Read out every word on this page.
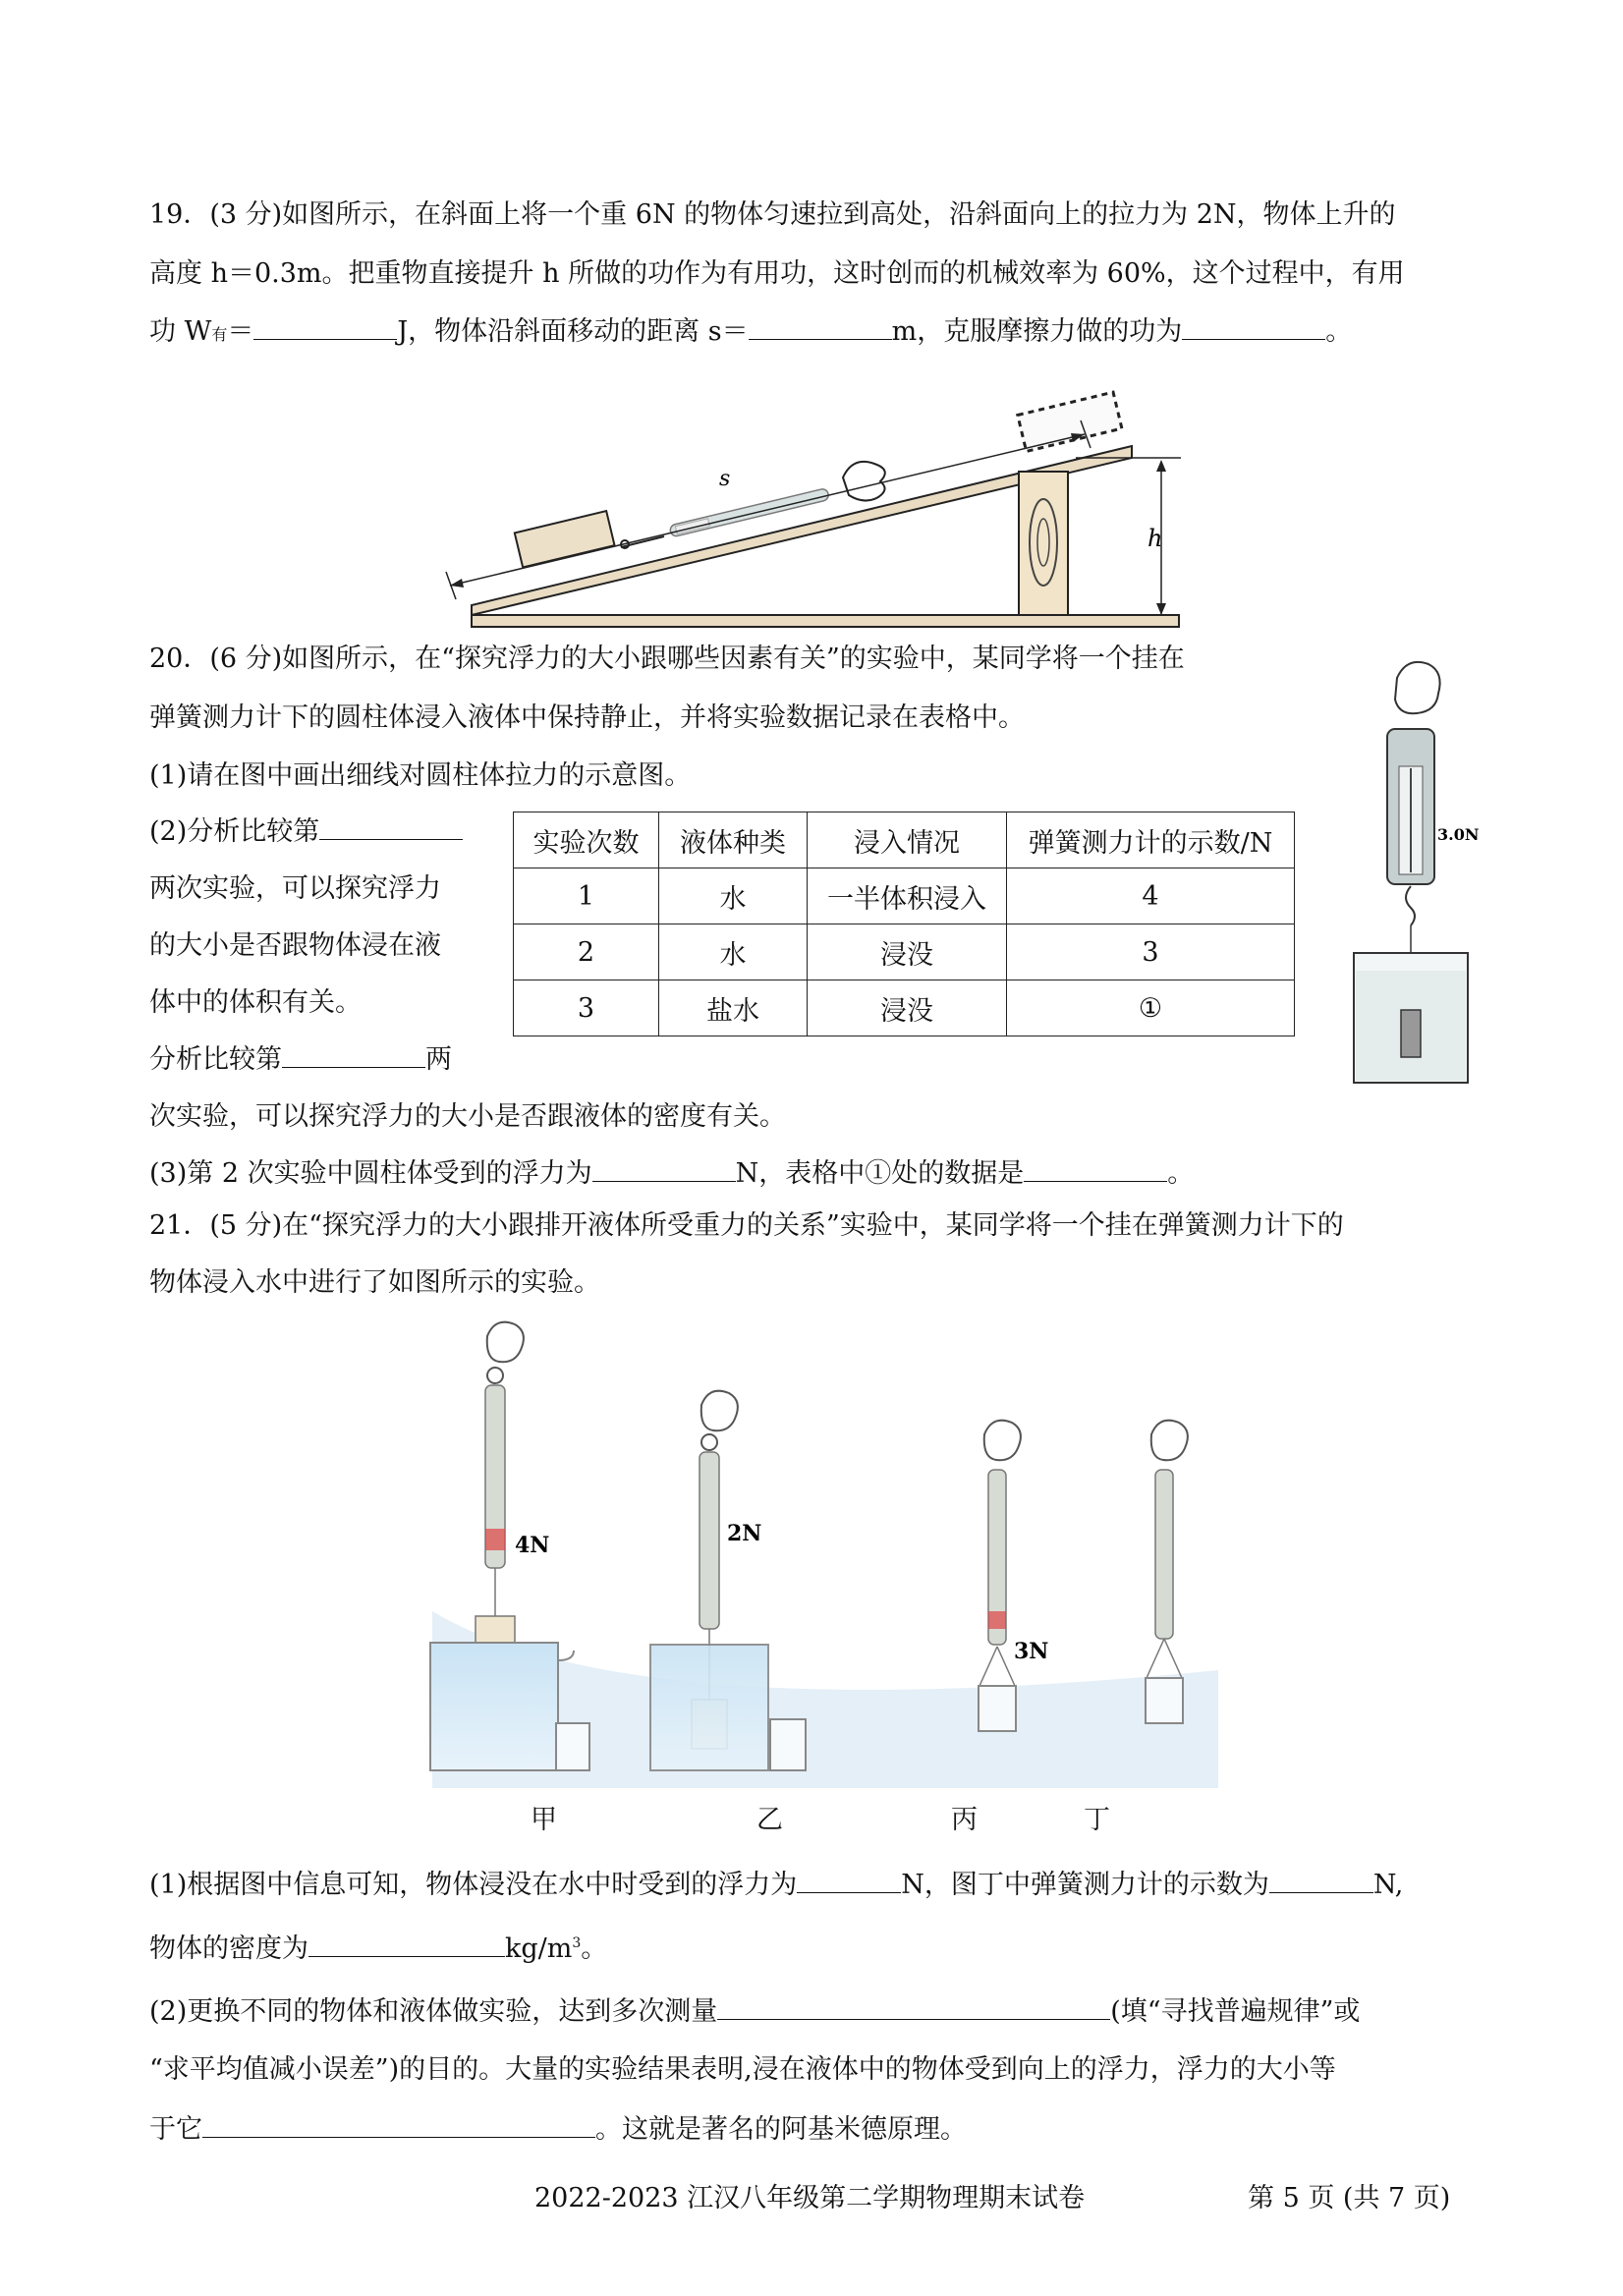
19．(3 分)如图所示，在斜面上将一个重 6N 的物体匀速拉到高处，沿斜面向上的拉力为 2N，物体上升的
高度 h＝0.3m。把重物直接提升 h 所做的功作为有用功，这时创而的机械效率为 60%，这个过程中，有用
功 W有＝	J，物体沿斜面移动的距离 s＝	m，克服摩擦力做的功为	。
s
h
20．(6 分)如图所示，在“探究浮力的大小跟哪些因素有关”的实验中，某同学将一个挂在
弹簧测力计下的圆柱体浸入液体中保持静止，并将实验数据记录在表格中。
(1)请在图中画出细线对圆柱体拉力的示意图。
(2)分析比较第
两次实验，可以探究浮力
的大小是否跟物体浸在液
体中的体积有关。
分析比较第	两
次实验，可以探究浮力的大小是否跟液体的密度有关。
(3)第 2 次实验中圆柱体受到的浮力为	N，表格中①处的数据是	。
实验次数	液体种类	浸入情况	弹簧测力计的示数/N
1	水	一半体积浸入	4
2	水	浸没	3
3	盐水	浸没	①
3.0N
21．(5 分)在“探究浮力的大小跟排开液体所受重力的关系”实验中，某同学将一个挂在弹簧测力计下的
物体浸入水中进行了如图所示的实验。
4N	2N
3N
甲	乙	丙	丁
(1)根据图中信息可知，物体浸没在水中时受到的浮力为	N，图丁中弹簧测力计的示数为	N,
物体的密度为	$kg/m^3$。
(2)更换不同的物体和液体做实验，达到多次测量	(填“寻找普遍规律”或
“求平均值减小误差”)的目的。大量的实验结果表明,浸在液体中的物体受到向上的浮力，浮力的大小等
于它	。这就是著名的阿基米德原理。
2022-2023 江汉八年级第二学期物理期末试卷	第 5 页 (共 7 页)
